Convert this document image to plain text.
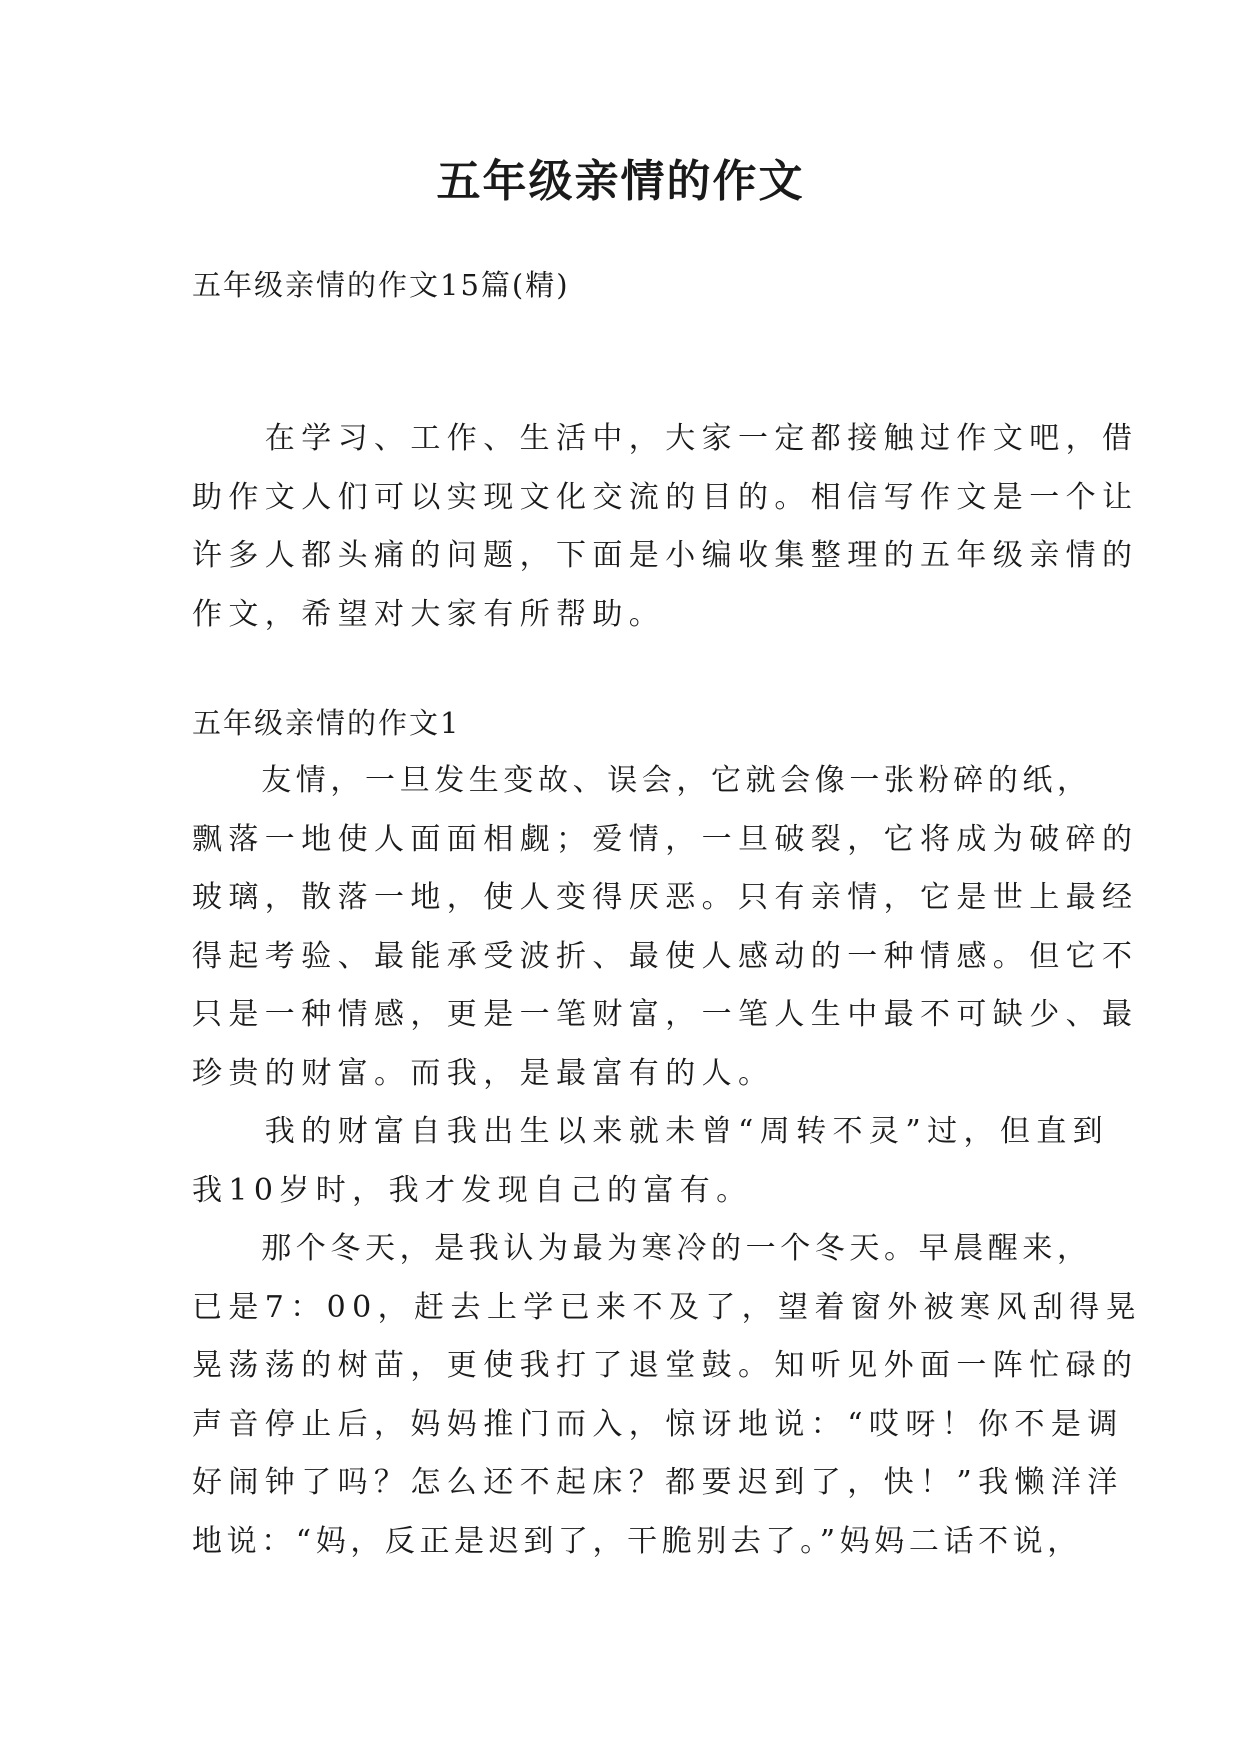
五年级亲情的作文
五年级亲情的作文15篇(精)
　　在学习、工作、生活中，大家一定都接触过作文吧，借
助作文人们可以实现文化交流的目的。相信写作文是一个让
许多人都头痛的问题，下面是小编收集整理的五年级亲情的
作文，希望对大家有所帮助。
五年级亲情的作文1
　　友情，一旦发生变故、误会，它就会像一张粉碎的纸，
飘落一地使人面面相觑；爱情，一旦破裂，它将成为破碎的
玻璃，散落一地，使人变得厌恶。只有亲情，它是世上最经
得起考验、最能承受波折、最使人感动的一种情感。但它不
只是一种情感，更是一笔财富，一笔人生中最不可缺少、最
珍贵的财富。而我，是最富有的人。
　　我的财富自我出生以来就未曾“周转不灵”过，但直到
我10岁时，我才发现自己的富有。
　　那个冬天，是我认为最为寒冷的一个冬天。早晨醒来，
已是7：00，赶去上学已来不及了，望着窗外被寒风刮得晃
晃荡荡的树苗，更使我打了退堂鼓。知听见外面一阵忙碌的
声音停止后，妈妈推门而入，惊讶地说：“哎呀！你不是调
好闹钟了吗？怎么还不起床？都要迟到了，快！”我懒洋洋
地说：“妈，反正是迟到了，干脆别去了。”妈妈二话不说，
